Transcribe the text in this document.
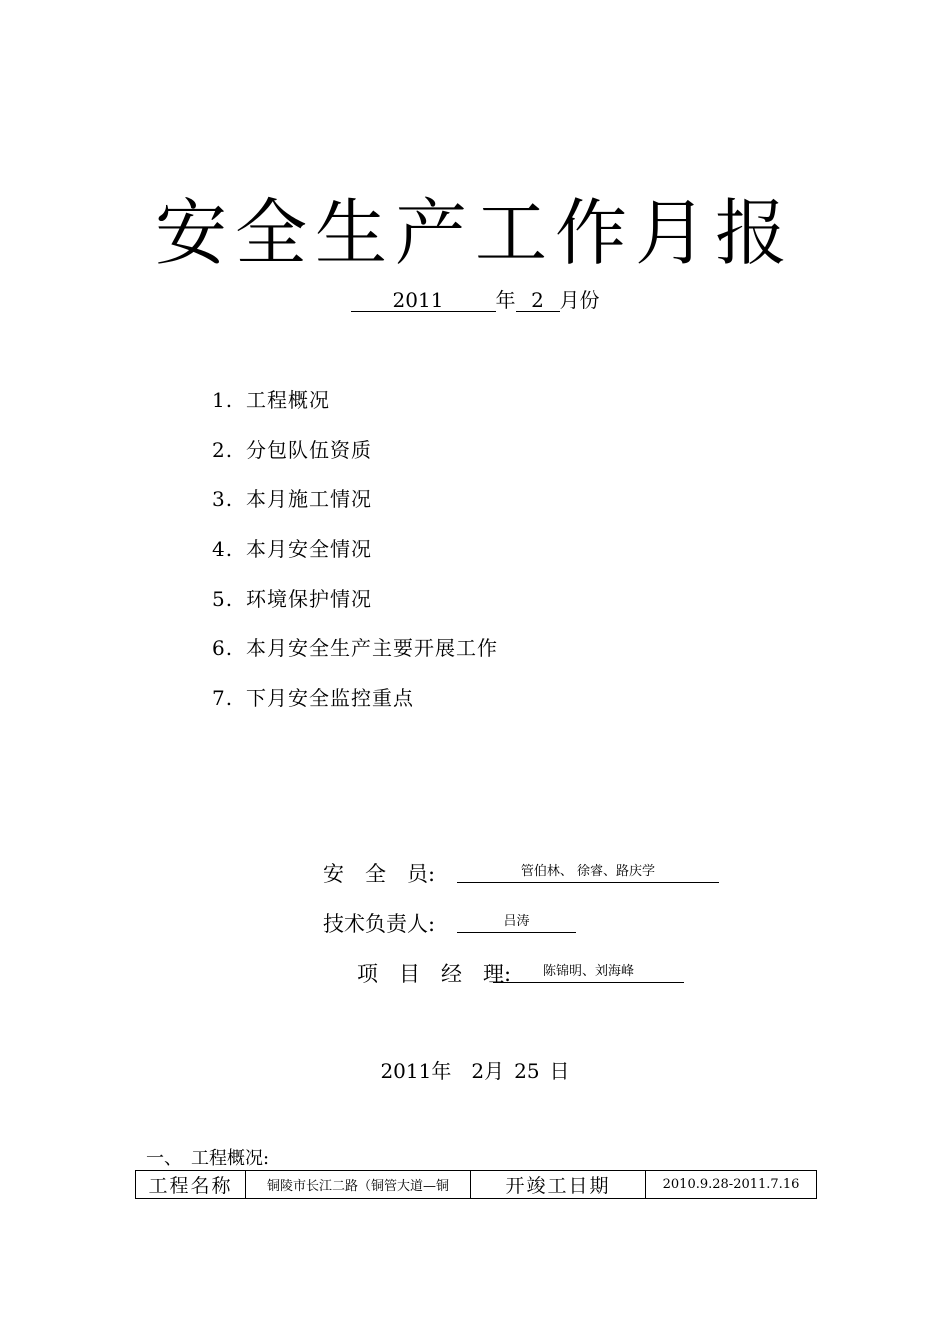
安全生产工作月报
2011	年 2 月份
1. 工程概况
2. 分包队伍资质
3. 本月施工情况
4. 本月安全情况
5. 环境保护情况
6. 本月安全生产主要开展工作
7. 下月安全监控重点
安　全　员:	管伯林、 徐睿、路庆学
技术负责人:	吕涛
项　目　经　理:	陈锦明、刘海峰
2011年　 2月  25  日
一、　工程概况:
工程名称	铜陵市长江二路（铜管大道—铜	开竣工日期	2010.9.28-2011.7.16
